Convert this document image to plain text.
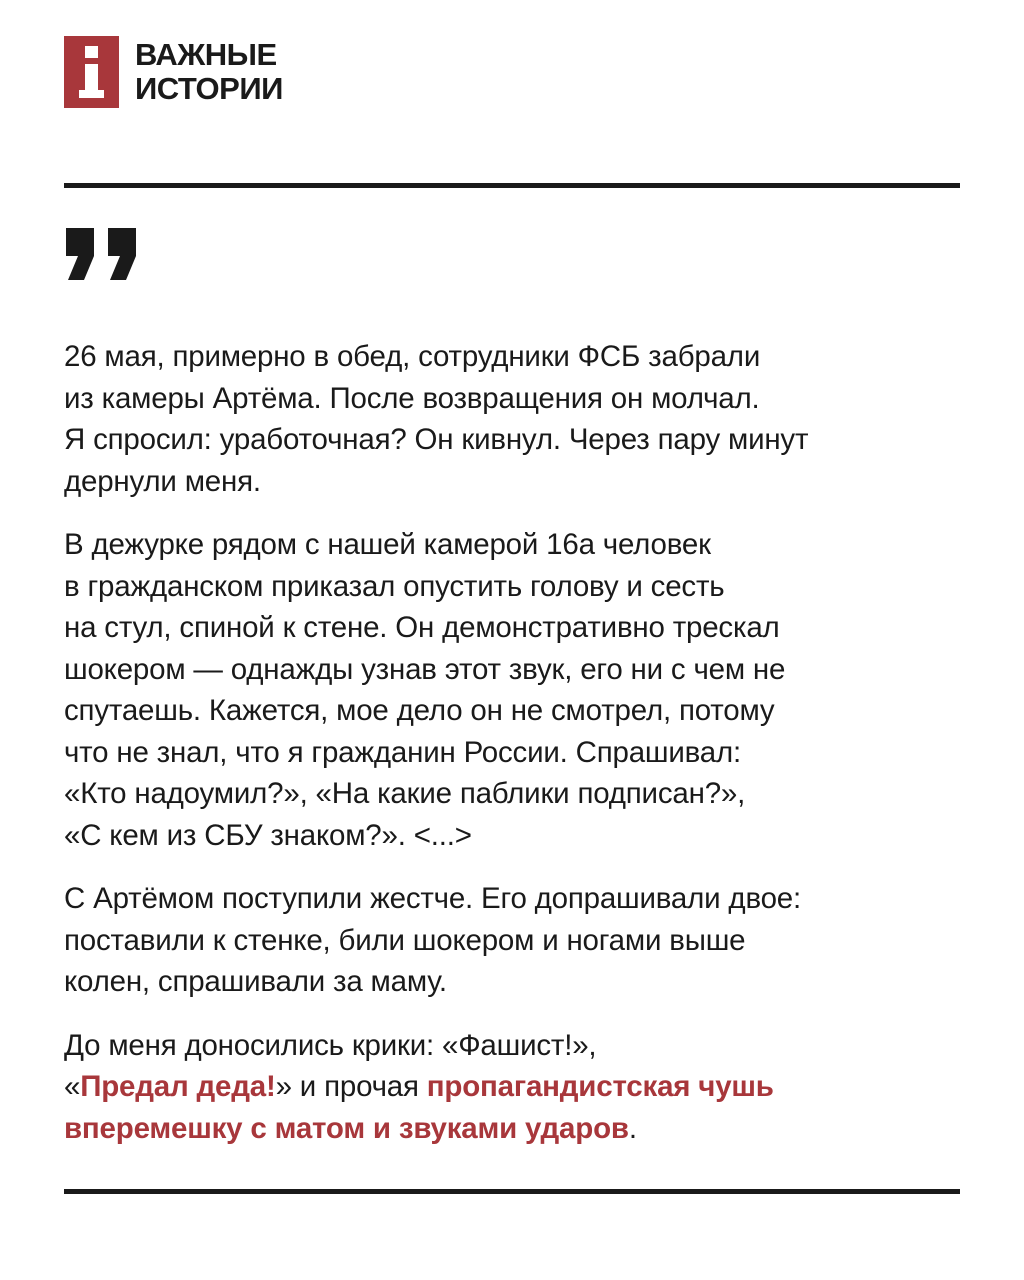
ВАЖНЫЕ
ИСТОРИИ

26 мая, примерно в обед, сотрудники ФСБ забрали
из камеры Артёма. После возвращения он молчал.
Я спросил: уработочная? Он кивнул. Через пару минут
дернули меня.

В дежурке рядом с нашей камерой 16а человек
в гражданском приказал опустить голову и сесть
на стул, спиной к стене. Он демонстративно трескал
шокером — однажды узнав этот звук, его ни с чем не
спутаешь. Кажется, мое дело он не смотрел, потому
что не знал, что я гражданин России. Спрашивал:
«Кто надоумил?», «На какие паблики подписан?»,
«С кем из СБУ знаком?». <...>

С Артёмом поступили жестче. Его допрашивали двое:
поставили к стенке, били шокером и ногами выше
колен, спрашивали за маму.

До меня доносились крики: «Фашист!»,
«Предал деда!» и прочая пропагандистская чушь
вперемешку с матом и звуками ударов.
